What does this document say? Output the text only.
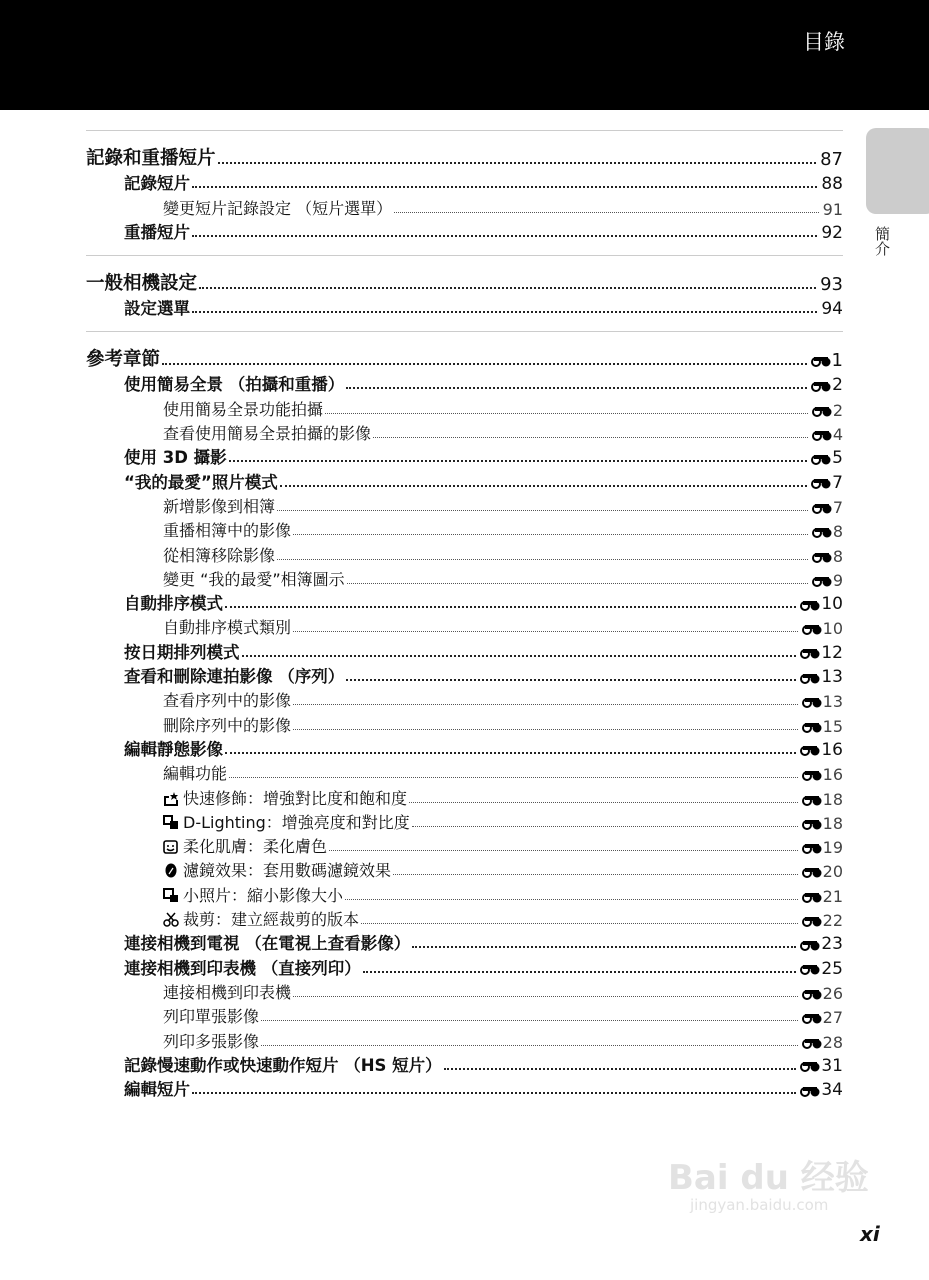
目錄
簡介
記錄和重播短片	87
記錄短片	88
變更短片記錄設定 （短片選單）	91
重播短片	92
一般相機設定	93
設定選單	94
參考章節	1
使用簡易全景 （拍攝和重播）	2
使用簡易全景功能拍攝	2
查看使用簡易全景拍攝的影像	4
使用 3D 攝影	5
“我的最愛”照片模式	7
新增影像到相簿	7
重播相簿中的影像	8
從相簿移除影像	8
變更 “我的最愛”相簿圖示	9
自動排序模式	10
自動排序模式類別	10
按日期排列模式	12
查看和刪除連拍影像 （序列）	13
查看序列中的影像	13
刪除序列中的影像	15
編輯靜態影像	16
編輯功能	16
快速修飾：增強對比度和飽和度	18
D-Lighting：增強亮度和對比度	18
柔化肌膚：柔化膚色	19
濾鏡效果：套用數碼濾鏡效果	20
小照片：縮小影像大小	21
裁剪：建立經裁剪的版本	22
連接相機到電視 （在電視上查看影像）	23
連接相機到印表機 （直接列印）	25
連接相機到印表機	26
列印單張影像	27
列印多張影像	28
記錄慢速動作或快速動作短片 （HS 短片）	31
編輯短片	34
Bai du 经验
jingyan.baidu.com
xi
